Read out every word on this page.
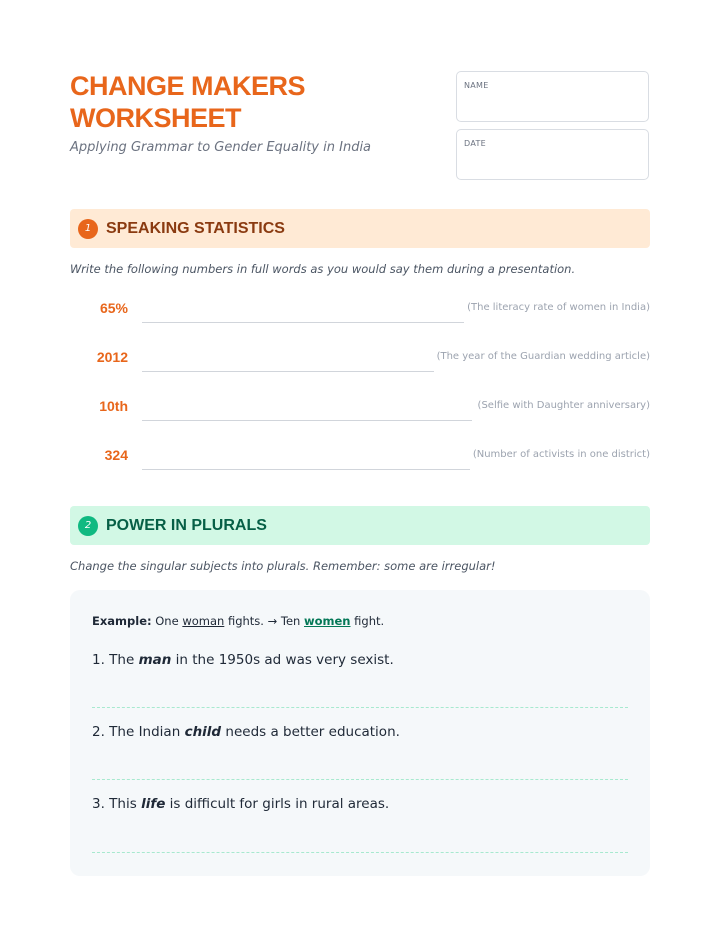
CHANGE MAKERS
WORKSHEET
Applying Grammar to Gender Equality in India
NAME
DATE
1 SPEAKING STATISTICS
Write the following numbers in full words as you would say them during a presentation.
65%	(The literacy rate of women in India)
2012	(The year of the Guardian wedding article)
10th	(Selfie with Daughter anniversary)
324	(Number of activists in one district)
2 POWER IN PLURALS
Change the singular subjects into plurals. Remember: some are irregular!
Example: One woman fights. → Ten women fight.
1. The man in the 1950s ad was very sexist.
2. The Indian child needs a better education.
3. This life is difficult for girls in rural areas.
